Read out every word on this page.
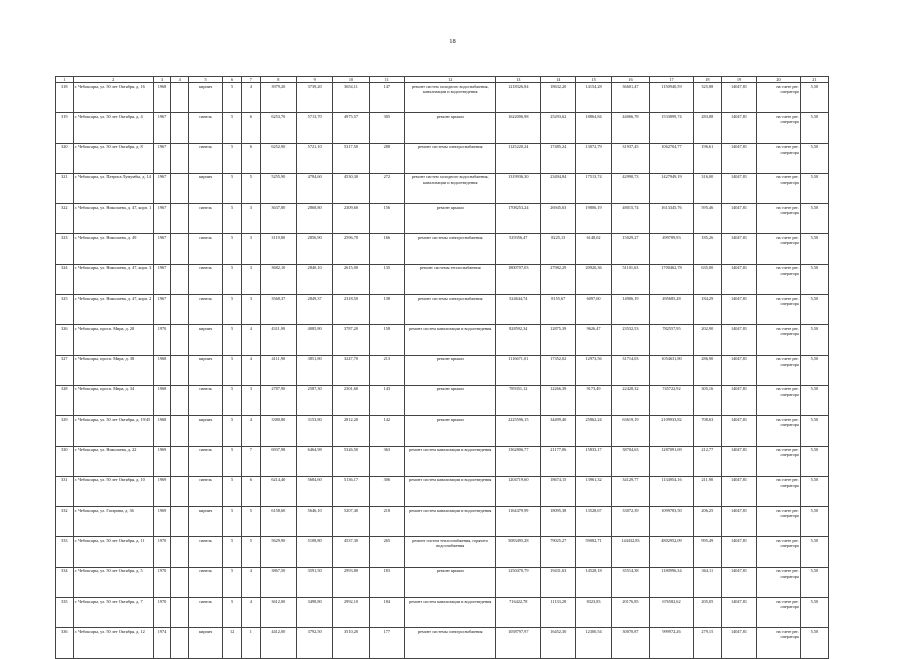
18
1	2	3	4	5	6	7	8	9	10	11	12	13	14	15	16	17	18	19	20	21
318	г. Чебоксары, ул. 50 лет Октября, д. 16	1968		кирпич	5	4	3979,20	3739,20	3654,11	147	ремонт систем холодного водоснабжения, канализации и водоотведения	1218326,84	18632,20	14154,28	36601,47	1150940,59	325,88	14047,81	на счете рег. оператора	5,50
319	г. Чебоксары, ул. 50 лет Октября, д. 4	1967		панель	5	6	6253,70	5713,70	4975,57	305	ремонт крыши	1622006,98	25293,62	18864,84	44066,78	1533899,74	283,88	14047,81	на счете рег. оператора	5,50
320	г. Чебоксары, ул. 50 лет Октября, д. 8	1967		панель	5	6	6252,90	5721,10	5317,50	288	ремонт системы электроснабжения	1125220,24	17485,24	13072,79	31937,45	1062704,77	196,61	14047,81	на счете рег. оператора	5,50
321	г. Чебоксары, ул. Патриса Лумумбы, д. 14	1967		кирпич	5	5	5255,90	4784,60	4530,30	272	ремонт систем холодного водоснабжения, канализации и водоотведения	1319936,30	23494,84	17513,74	42990,73	1427949,19	316,00	14047,81	на счете рег. оператора	5,50
322	г. Чебоксары, ул. Николаева, д. 47, корп. 1	1967		панель	5	3	3637,80	2868,80	2309,60	156	ремонт крыши	1708253,24	26945,63	19806,19	48015,74	1613345,76	595,46	14047,81	на счете рег. оператора	5,50
323	г. Чебоксары, ул. Николаева, д. 49	1967		панель	5	3	3119,80	2856,90	2596,70	166	ремонт системы электроснабжения	529356,47	8225,13	6148,02	15029,27	499789,93	185,26	14047,81	на счете рег. оператора	5,50
324	г. Чебоксары, ул. Николаева, д. 47, корп. 3	1967		панель	5	3	3682,10	2840,10	2615,00	135	ремонт системы теплоснабжения	1800707,03	27982,29	20920,36	51101,63	1700462,78	635,00	14047,81	на счете рег. оператора	5,50
325	г. Чебоксары, ул. Николаева, д. 47, корп. 2	1967		панель	5	3	3568,37	2849,37	2318,50	138	ремонт системы электроснабжения	524644,74	8155,67	6097,60	14906,19	495685,28	184,29	14047,81	на счете рег. оператора	5,50
326	г. Чебоксары, просп. Мира, д. 28	1970		кирпич	5	4	4311,90	4085,80	3787,20	158	ремонт систем канализации и водоотведения	828592,34	12875,39	9626,47	23532,53	782557,95	202,90	14047,81	на счете рег. оператора	5,50
327	г. Чебоксары, просп. Мира, д. 38	1968		кирпич	5	4	4111,90	3851,80	3247,70	213	ремонт крыши	1116671,01	17352,02	12973,56	31714,03	1054631,80	286,90	14047,81	на счете рег. оператора	5,50
328	г. Чебоксары, просп. Мира, д. 34	1968		панель	5	3	2787,90	2587,30	2301,60	143	ремонт крыши	789351,12	12266,39	9173,49	22428,32	745722,92	305,16	14047,81	на счете рег. оператора	5,50
329	г. Чебоксары, ул. 50 лет Октября, д. 19/45	1968		кирпич	5	4	3380,80	3153,80	2812,20	142	ремонт крыши	2225596,15	34499,40	25862,24	63619,19	2109933,82	708,63	14047,81	на счете рег. оператора	5,50
330	г. Чебоксары, ул. Николаева, д. 22	1969		панель	5	7	6937,98	6464,98	5326,50	363	ремонт систем канализации и водоотведения	1362806,77	21177,06	15833,17	38704,63	1287091,69	212,77	14047,81	на счете рег. оператора	5,50
331	г. Чебоксары, ул. 50 лет Октября, д. 10	1969		панель	5	6	6214,40	5684,60	5136,17	306	ремонт систем канализации и водоотведения	1204719,60	18674,15	13961,32	34129,77	1134954,16	211,90	14047,81	на счете рег. оператора	5,50
332	г. Чебоксары, ул. Гагарина, д. 36	1969		кирпич	5	5	6158,60	5646,10	5207,40	218	ремонт систем канализации и водоотведения	1164479,99	18095,38	13528,67	33072,39	1099783,50	206,25	14047,81	на счете рег. оператора	5,50
333	г. Чебоксары, ул. 50 лет Октября, д. 11	1970		панель	5	5	5629,90	5108,80	4537,30	265	ремонт систем теплоснабжения, горячего водоснабжения	5083495,28	79025,27	59082,71	144432,83	4802952,09	995,49	14047,81	на счете рег. оператора	5,50
334	г. Чебоксары, ул. 50 лет Октября, д. 5	1970		панель	5	4	3867,50	3591,50	2993,80	183	ремонт крыши	1250470,79	19431,63	14528,18	35514,38	1180996,34	364,11	14047,81	на счете рег. оператора	5,50
335	г. Чебоксары, ул. 50 лет Октября, д. 7	1970		панель	5	4	3612,00	3498,80	2992,10	184	ремонт систем канализации и водоотведения	716422,78	11133,28	8323,83	20176,85	676582,62	205,05	14047,81	на счете рег. оператора	5,50
336	г. Чебоксары, ул. 50 лет Октября, д. 12	1974		кирпич	12	1	4412,00	3792,50	3510,20	177	ремонт системы электроснабжения	1058797,97	16452,30	12300,54	30070,87	999972,26	279,15	14047,81	на счете рег. оператора	5,50
